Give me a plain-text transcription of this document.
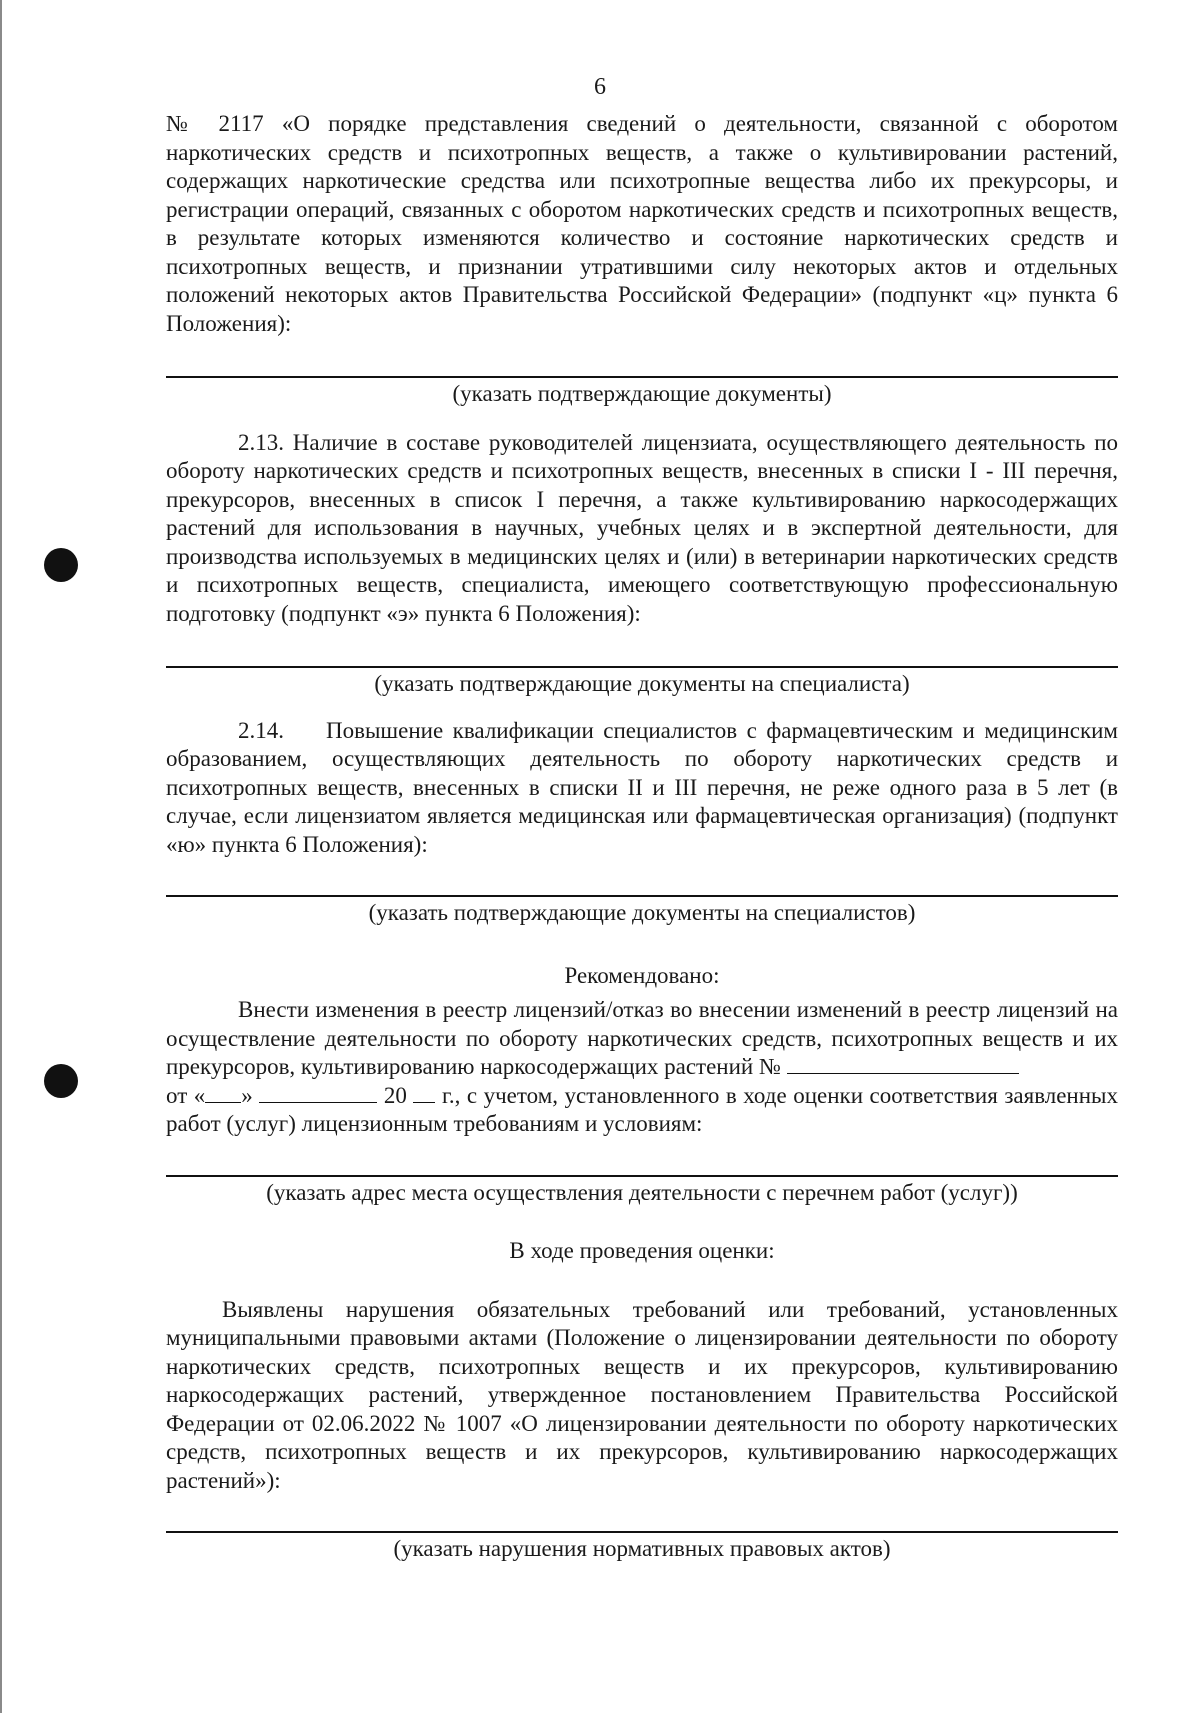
6

№ 2117 «О порядке представления сведений о деятельности, связанной с оборотом наркотических средств и психотропных веществ, а также о культивировании растений, содержащих наркотические средства или психотропные вещества либо их прекурсоры, и регистрации операций, связанных с оборотом наркотических средств и психотропных веществ, в результате которых изменяются количество и состояние наркотических средств и психотропных веществ, и признании утратившими силу некоторых актов и отдельных положений некоторых актов Правительства Российской Федерации» (подпункт «ц» пункта 6 Положения):

(указать подтверждающие документы)

2.13. Наличие в составе руководителей лицензиата, осуществляющего деятельность по обороту наркотических средств и психотропных веществ, внесенных в списки I - III перечня, прекурсоров, внесенных в список I перечня, а также культивированию наркосодержащих растений для использования в научных, учебных целях и в экспертной деятельности, для производства используемых в медицинских целях и (или) в ветеринарии наркотических средств и психотропных веществ, специалиста, имеющего соответствующую профессиональную подготовку (подпункт «э» пункта 6 Положения):

(указать подтверждающие документы на специалиста)

2.14. Повышение квалификации специалистов с фармацевтическим и медицинским образованием, осуществляющих деятельность по обороту наркотических средств и психотропных веществ, внесенных в списки II и III перечня, не реже одного раза в 5 лет (в случае, если лицензиатом является медицинская или фармацевтическая организация) (подпункт «ю» пункта 6 Положения):

(указать подтверждающие документы на специалистов)

Рекомендовано:

Внести изменения в реестр лицензий/отказ во внесении изменений в реестр лицензий на осуществление деятельности по обороту наркотических средств, психотропных веществ и их прекурсоров, культивированию наркосодержащих растений №
от « »	20 г., с учетом, установленного в ходе оценки соответствия заявленных работ (услуг) лицензионным требованиям и условиям:

(указать адрес места осуществления деятельности с перечнем работ (услуг))

В ходе проведения оценки:

Выявлены нарушения обязательных требований или требований, установленных муниципальными правовыми актами (Положение о лицензировании деятельности по обороту наркотических средств, психотропных веществ и их прекурсоров, культивированию наркосодержащих растений, утвержденное постановлением Правительства Российской Федерации от 02.06.2022 № 1007 «О лицензировании деятельности по обороту наркотических средств, психотропных веществ и их прекурсоров, культивированию наркосодержащих растений»):

(указать нарушения нормативных правовых актов)
